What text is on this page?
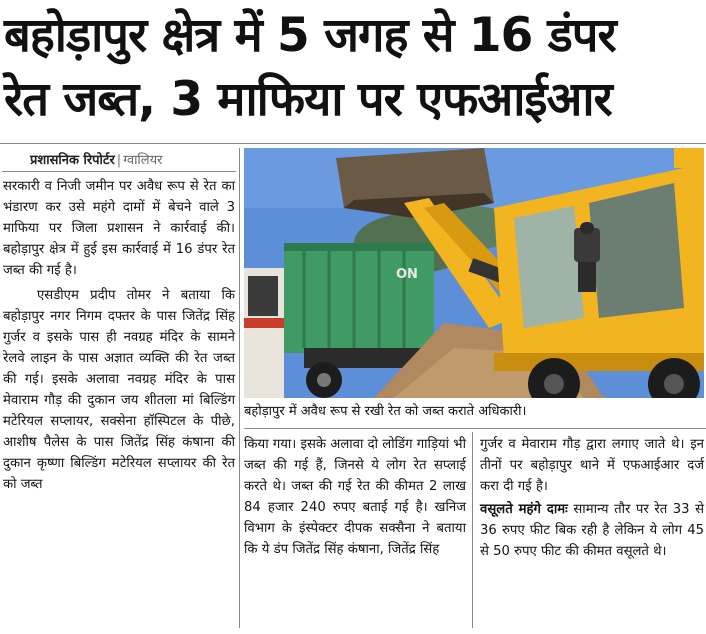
बहोड़ापुर क्षेत्र में 5 जगह से 16 डंपर
रेत जब्त, 3 माफिया पर एफआईआर
प्रशासनिक रिपोर्टर | ग्वालियर

सरकारी व निजी जमीन पर अवैध रूप से रेत का भंडारण कर उसे महंगे दामों में बेचने वाले 3 माफिया पर जिला प्रशासन ने कार्रवाई की। बहोड़ापुर क्षेत्र में हुई इस कार्रवाई में 16 डंपर रेत जब्त की गई है।

एसडीएम प्रदीप तोमर ने बताया कि बहोड़ापुर नगर निगम दफ्तर के पास जितेंद्र सिंह गुर्जर व इसके पास ही नवग्रह मंदिर के सामने रेलवे लाइन के पास अज्ञात व्यक्ति की रेत जब्त की गई। इसके अलावा नवग्रह मंदिर के पास मेवाराम गौड़ की दुकान जय शीतला मां बिल्डिंग मटेरियल सप्लायर, सक्सेना हॉस्पिटल के पीछे, आशीष पैलेस के पास जितेंद्र सिंह कंषाना की दुकान कृष्णा बिल्डिंग मटेरियल सप्लायर की रेत को जब्त

ON
बहोड़ापुर में अवैध रूप से रखी रेत को जब्त कराते अधिकारी।

किया गया। इसके अलावा दो लोडिंग गाड़ियां भी जब्त की गई हैं, जिनसे ये लोग रेत सप्लाई करते थे। जब्त की गई रेत की कीमत 2 लाख 84 हजार 240 रुपए बताई गई है। खनिज विभाग के इंस्पेक्टर दीपक सक्सैना ने बताया कि ये डंप जितेंद्र सिंह कंषाना, जितेंद्र सिंह

गुर्जर व मेवाराम गौड़ द्वारा लगाए जाते थे। इन तीनों पर बहोड़ापुर थाने में एफआईआर दर्ज करा दी गई है।

वसूलते महंगे दामः सामान्य तौर पर रेत 33 से 36 रुपए फीट बिक रही है लेकिन ये लोग 45 से 50 रुपए फीट की कीमत वसूलते थे।
